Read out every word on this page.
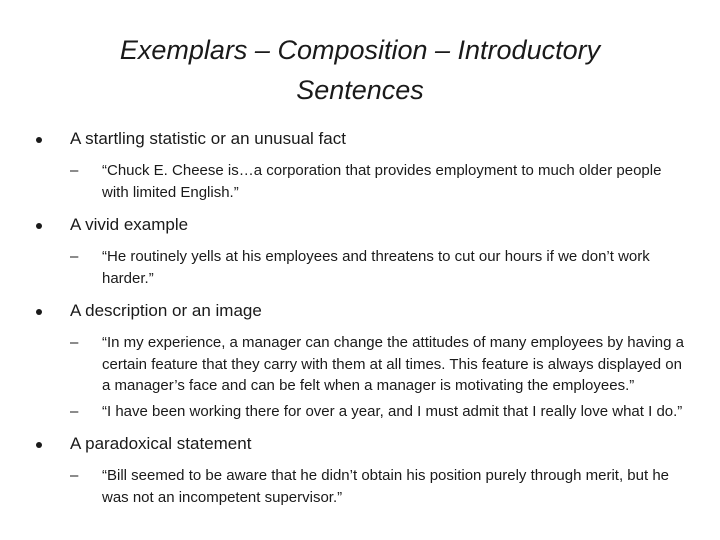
Exemplars – Composition – Introductory
Sentences

A startling statistic or an unusual fact

– “Chuck E. Cheese is…a corporation that provides employment to much older people with limited English.”

A vivid example

– “He routinely yells at his employees and threatens to cut our hours if we don’t work harder.”

A description or an image

– “In my experience, a manager can change the attitudes of many employees by having a certain feature that they carry with them at all times. This feature is always displayed on a manager’s face and can be felt when a manager is motivating the employees.”

– “I have been working there for over a year, and I must admit that I really love what I do.”

A paradoxical statement

– “Bill seemed to be aware that he didn’t obtain his position purely through merit, but he was not an incompetent supervisor.”
